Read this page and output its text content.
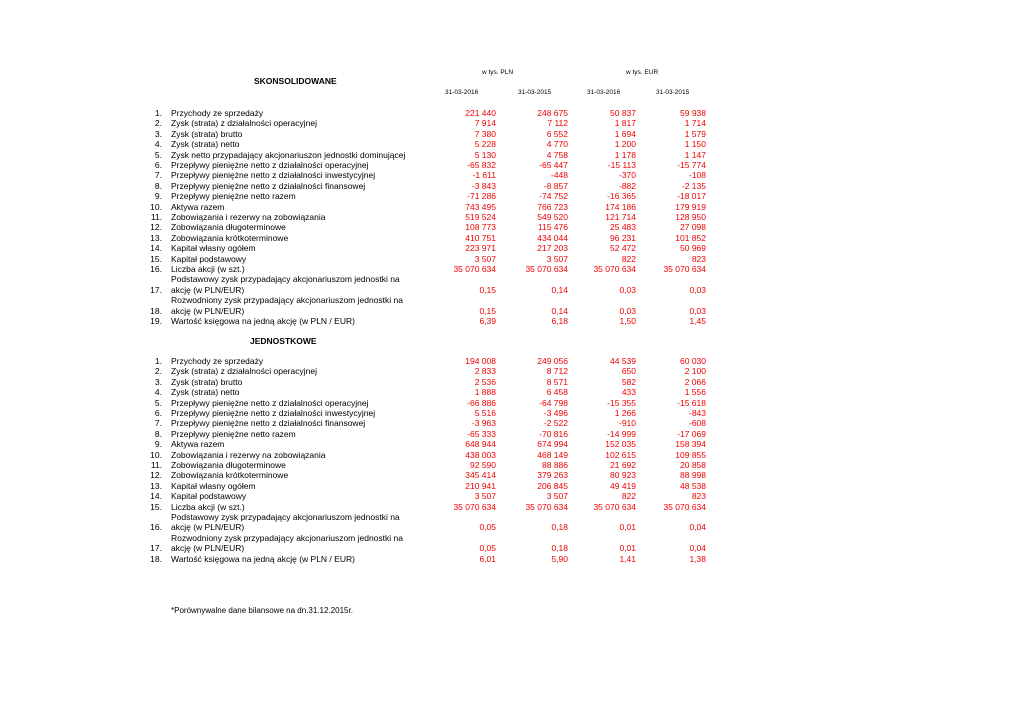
w tys. PLN	w tys. EUR
SKONSOLIDOWANE
31-03-2016	31-03-2015	31-03-2016	31-03-2015
1. Przychody ze sprzedaży	221 440	248 675	50 837	59 938
2. Zysk (strata) z działalności operacyjnej	7 914	7 112	1 817	1 714
3. Zysk (strata) brutto	7 380	6 552	1 694	1 579
4. Zysk (strata) netto	5 228	4 770	1 200	1 150
5. Zysk netto przypadający akcjonariuszon jednostki dominującej	5 130	4 758	1 178	1 147
6. Przepływy pieniężne netto z działalności operacyjnej	-65 832	-65 447	-15 113	-15 774
7. Przepływy pieniężne netto z działalności inwestycyjnej	-1 611	-448	-370	-108
8. Przepływy pieniężne netto z działalności finansowej	-3 843	-8 857	-882	-2 135
9. Przepływy pieniężne netto razem	-71 286	-74 752	-16 365	-18 017
10. Aktywa razem	743 495	766 723	174 186	179 919
11. Zobowiązania i rezerwy na zobowiązania	519 524	549 520	121 714	128 950
12. Zobowiązania długoterminowe	108 773	115 476	25 483	27 098
13. Zobowiązania krótkoterminowe	410 751	434 044	96 231	101 852
14. Kapitał własny ogółem	223 971	217 203	52 472	50 969
15. Kapitał podstawowy	3 507	3 507	822	823
16. Liczba akcji (w szt.)	35 070 634	35 070 634	35 070 634	35 070 634
Podstawowy zysk przypadający akcjonariuszom jednostki na
17. akcję (w PLN/EUR)	0,15	0,14	0,03	0,03
Rozwodniony zysk przypadający akcjonariuszom jednostki na
18. akcję (w PLN/EUR)	0,15	0,14	0,03	0,03
19. Wartość księgowa na jedną akcję (w PLN / EUR)	6,39	6,18	1,50	1,45
JEDNOSTKOWE
1. Przychody ze sprzedaży	194 008	249 056	44 539	60 030
2. Zysk (strata) z działalności operacyjnej	2 833	8 712	650	2 100
3. Zysk (strata) brutto	2 536	8 571	582	2 066
4. Zysk (strata) netto	1 888	6 458	433	1 556
5. Przepływy pieniężne netto z działalności operacyjnej	-66 886	-64 798	-15 355	-15 618
6. Przepływy pieniężne netto z działalności inwestycyjnej	5 516	-3 496	1 266	-843
7. Przepływy pieniężne netto z działalności finansowej	-3 963	-2 522	-910	-608
8. Przepływy pieniężne netto razem	-65 333	-70 816	-14 999	-17 069
9. Aktywa razem	648 944	674 994	152 035	158 394
10. Zobowiązania i rezerwy na zobowiązania	438 003	468 149	102 615	109 855
11. Zobowiązania długoterminowe	92 590	88 886	21 692	20 858
12. Zobowiązania krótkoterminowe	345 414	379 263	80 923	88 998
13. Kapitał własny ogółem	210 941	206 845	49 419	48 538
14. Kapitał podstawowy	3 507	3 507	822	823
15. Liczba akcji (w szt.)	35 070 634	35 070 634	35 070 634	35 070 634
Podstawowy zysk przypadający akcjonariuszom jednostki na
16. akcję (w PLN/EUR)	0,05	0,18	0,01	0,04
Rozwodniony zysk przypadający akcjonariuszom jednostki na
17. akcję (w PLN/EUR)	0,05	0,18	0,01	0,04
18. Wartość księgowa na jedną akcję (w PLN / EUR)	6,01	5,90	1,41	1,38
*Porównywalne dane bilansowe na dn.31.12.2015r.
